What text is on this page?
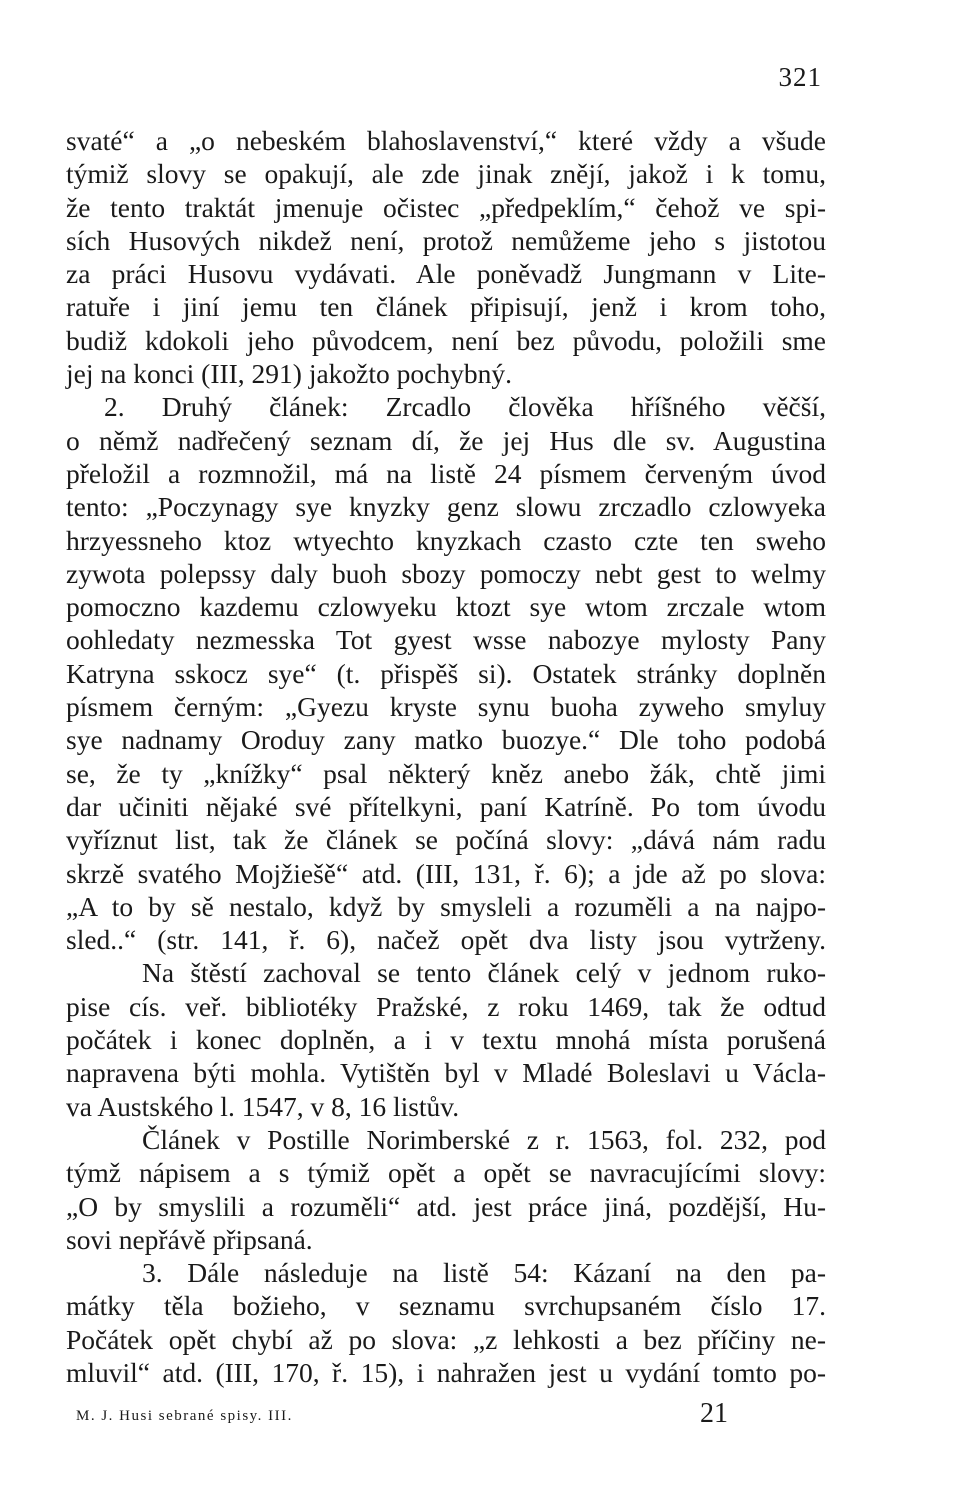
321
svaté“ a „o nebeském blahoslavenství,“ které vždy a všude
týmiž slovy se opakují, ale zde jinak znějí, jakož i k tomu,
že tento traktát jmenuje očistec „předpeklím,“ čehož ve spi-
sích Husových nikdež není, protož nemůžeme jeho s jistotou
za práci Husovu vydávati. Ale poněvadž Jungmann v Lite-
ratuře i jiní jemu ten článek připisují, jenž i krom toho,
budiž kdokoli jeho původcem, není bez původu, položili sme
jej na konci (III, 291) jakožto pochybný.
2. Druhý článek: Zrcadlo člověka hříšného věčší,
o němž nadřečený seznam dí, že jej Hus dle sv. Augustina
přeložil a rozmnožil, má na listě 24 písmem červeným úvod
tento: „Poczynagy sye knyzky genz slowu zrczadlo czlowyeka
hrzyessneho ktoz wtyechto knyzkach czasto czte ten sweho
zywota polepssy daly buoh sbozy pomoczy nebt gest to welmy
pomoczno kazdemu czlowyeku ktozt sye wtom zrczale wtom
oohledaty nezmesska Tot gyest wsse nabozye mylosty Pany
Katryna sskocz sye“ (t. přispěš si). Ostatek stránky doplněn
písmem černým: „Gyezu kryste synu buoha zyweho smyluy
sye nadnamy Oroduy zany matko buozye.“ Dle toho podobá
se, že ty „knížky“ psal některý kněz anebo žák, chtě jimi
dar učiniti nějaké své přítelkyni, paní Katríně. Po tom úvodu
vyříznut list, tak že článek se počíná slovy: „dává nám radu
skrzě svatého Mojžiešě“ atd. (III, 131, ř. 6); a jde až po slova:
„A to by sě nestalo, když by smysleli a rozuměli a na najpo-
sled..“ (str. 141, ř. 6), načež opět dva listy jsou vytrženy.
Na štěstí zachoval se tento článek celý v jednom ruko-
pise cís. veř. bibliotéky Pražské, z roku 1469, tak že odtud
počátek i konec doplněn, a i v textu mnohá místa porušená
napravena býti mohla. Vytištěn byl v Mladé Boleslavi u Václa-
va Austského l. 1547, v 8, 16 listův.
Článek v Postille Norimberské z r. 1563, fol. 232, pod
týmž nápisem a s týmiž opět a opět se navracujícími slovy:
„O by smyslili a rozuměli“ atd. jest práce jiná, pozdější, Hu-
sovi nepřávě připsaná.
3. Dále následuje na listě 54: Kázaní na den pa-
mátky těla božieho, v seznamu svrchupsaném číslo 17.
Počátek opět chybí až po slova: „z lehkosti a bez příčiny ne-
mluvil“ atd. (III, 170, ř. 15), i nahražen jest u vydání tomto po-
M. J. Husi sebrané spisy. III.	21
